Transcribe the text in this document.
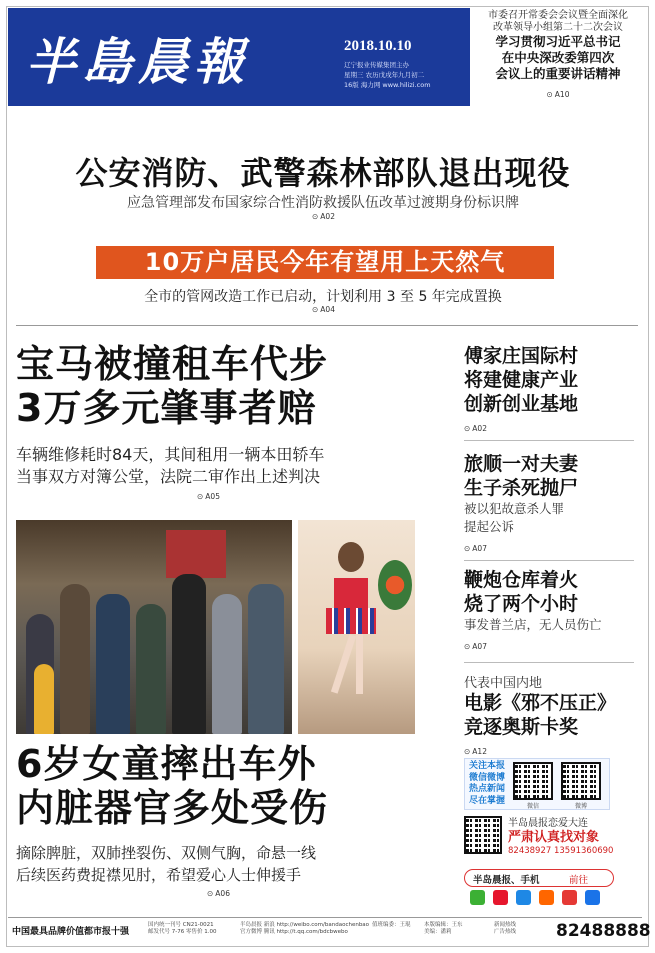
半島晨報	2018.10.10
辽宁报业传媒集团主办
星期三 农历戊戌年九月初二
16版 海力网 www.hilizi.com
市委召开常委会会议暨全面深化
改革领导小组第二十二次会议
学习贯彻习近平总书记
在中央深改委第四次
会议上的重要讲话精神
⊙ A10
公安消防、武警森林部队退出现役
应急管理部发布国家综合性消防救援队伍改革过渡期身份标识牌
⊙ A02
10万户居民今年有望用上天然气
全市的管网改造工作已启动，计划利用 3 至 5 年完成置换
⊙ A04
宝马被撞租车代步
3万多元肇事者赔
车辆维修耗时84天，其间租用一辆本田轿车
当事双方对簿公堂，法院二审作出上述判决
⊙ A05
6岁女童摔出车外
内脏器官多处受伤
摘除脾脏，双肺挫裂伤、双侧气胸，命悬一线
后续医药费捉襟见肘，希望爱心人士伸援手
⊙ A06
傅家庄国际村
将建健康产业
创新创业基地
⊙ A02
旅顺一对夫妻
生子杀死抛尸
被以犯故意杀人罪
提起公诉
⊙ A07
鞭炮仓库着火
烧了两个小时
事发普兰店，无人员伤亡
⊙ A07
代表中国内地
电影《邪不压正》
竞逐奥斯卡奖
⊙ A12
关注本报
微信微博
热点新闻
尽在掌握
微信	微博
半岛晨报恋爱大连
严肃认真找对象
82438927 13591360690
半岛晨报、手机	前往

中国最具品牌价值都市报十强
国内统一刊号 CN21-0021
邮发代号 7-76 零售价 1.00
半岛晨报 新浪 http://weibo.com/bandaochenbao
官方微博 腾讯 http://t.qq.com/bdcbwebo
值班编委：王琨 本版编辑：王东
美编：潘莉
新闻热线
广告热线 82488888
